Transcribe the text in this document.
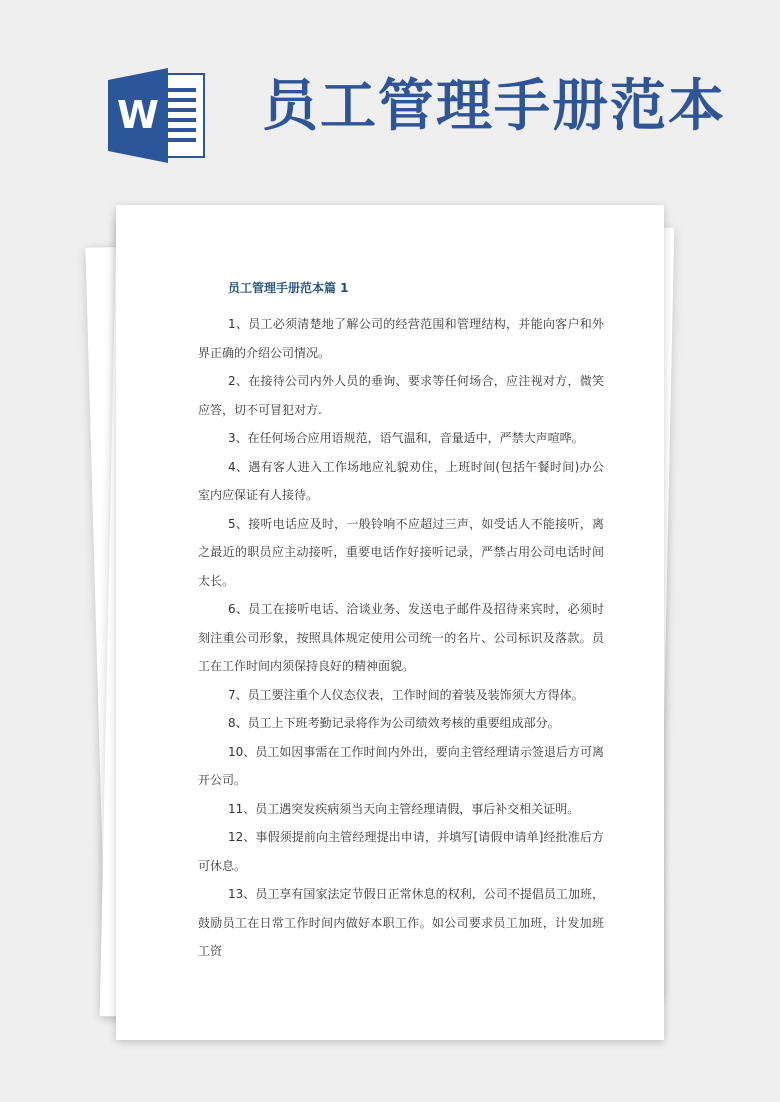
W 员工管理手册范本
员工管理手册范本篇 1

1、员工必须清楚地了解公司的经营范围和管理结构，并能向客户和外界正确的介绍公司情况。

2、在接待公司内外人员的垂询、要求等任何场合，应注视对方，微笑应答，切不可冒犯对方.

3、在任何场合应用语规范，语气温和，音量适中，严禁大声喧哗。

4、遇有客人进入工作场地应礼貌劝住，上班时间(包括午餐时间)办公室内应保证有人接待。

5、接听电话应及时，一般铃响不应超过三声，如受话人不能接听，离之最近的职员应主动接听，重要电话作好接听记录，严禁占用公司电话时间太长。

6、员工在接听电话、洽谈业务、发送电子邮件及招待来宾时，必须时刻注重公司形象，按照具体规定使用公司统一的名片、公司标识及落款。员工在工作时间内须保持良好的精神面貌。

7、员工要注重个人仪态仪表，工作时间的着装及装饰须大方得体。

8、员工上下班考勤记录将作为公司绩效考核的重要组成部分。

10、员工如因事需在工作时间内外出，要向主管经理请示签退后方可离开公司。

11、员工遇突发疾病须当天向主管经理请假，事后补交相关证明。

12、事假须提前向主管经理提出申请，并填写[请假申请单]经批准后方可休息。

13、员工享有国家法定节假日正常休息的权利，公司不提倡员工加班，鼓励员工在日常工作时间内做好本职工作。如公司要求员工加班，计发加班工资
